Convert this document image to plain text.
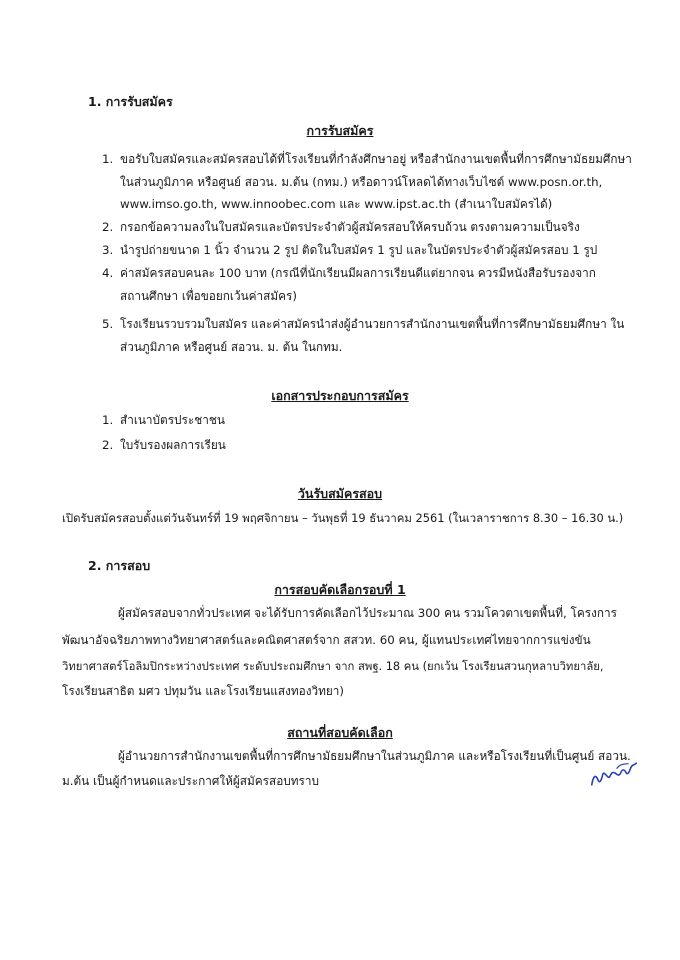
1. การรับสมัคร
การรับสมัคร
1. ขอรับใบสมัครและสมัครสอบได้ที่โรงเรียนที่กำลังศึกษาอยู่ หรือสำนักงานเขตพื้นที่การศึกษามัธยมศึกษา
ในส่วนภูมิภาค หรือศูนย์ สอวน. ม.ต้น (กทม.) หรือดาวน์โหลดได้ทางเว็บไซต์ www.posn.or.th,
www.imso.go.th, www.innoobec.com และ www.ipst.ac.th (สำเนาใบสมัครได้)
2. กรอกข้อความลงในใบสมัครและบัตรประจำตัวผู้สมัครสอบให้ครบถ้วน ตรงตามความเป็นจริง
3. นำรูปถ่ายขนาด 1 นิ้ว จำนวน 2 รูป ติดในใบสมัคร 1 รูป และในบัตรประจำตัวผู้สมัครสอบ 1 รูป
4. ค่าสมัครสอบคนละ 100 บาท (กรณีที่นักเรียนมีผลการเรียนดีแต่ยากจน ควรมีหนังสือรับรองจาก
สถานศึกษา เพื่อขอยกเว้นค่าสมัคร)
5. โรงเรียนรวบรวมใบสมัคร และค่าสมัครนำส่งผู้อำนวยการสำนักงานเขตพื้นที่การศึกษามัธยมศึกษา ใน
ส่วนภูมิภาค หรือศูนย์ สอวน. ม. ต้น ในกทม.
เอกสารประกอบการสมัคร
1. สำเนาบัตรประชาชน
2. ใบรับรองผลการเรียน
วันรับสมัครสอบ
เปิดรับสมัครสอบตั้งแต่วันจันทร์ที่ 19 พฤศจิกายน – วันพุธที่ 19 ธันวาคม 2561 (ในเวลาราชการ 8.30 – 16.30 น.)
2. การสอบ
การสอบคัดเลือกรอบที่ 1
ผู้สมัครสอบจากทั่วประเทศ จะได้รับการคัดเลือกไว้ประมาณ 300 คน รวมโควตาเขตพื้นที่, โครงการ
พัฒนาอัจฉริยภาพทางวิทยาศาสตร์และคณิตศาสตร์จาก สสวท. 60 คน, ผู้แทนประเทศไทยจากการแข่งขัน
วิทยาศาสตร์โอลิมปิกระหว่างประเทศ ระดับประถมศึกษา จาก สพฐ. 18 คน (ยกเว้น โรงเรียนสวนกุหลาบวิทยาลัย,
โรงเรียนสาธิต มศว ปทุมวัน และโรงเรียนแสงทองวิทยา)
สถานที่สอบคัดเลือก
ผู้อำนวยการสำนักงานเขตพื้นที่การศึกษามัธยมศึกษาในส่วนภูมิภาค และหรือโรงเรียนที่เป็นศูนย์ สอวน.
ม.ต้น เป็นผู้กำหนดและประกาศให้ผู้สมัครสอบทราบ
